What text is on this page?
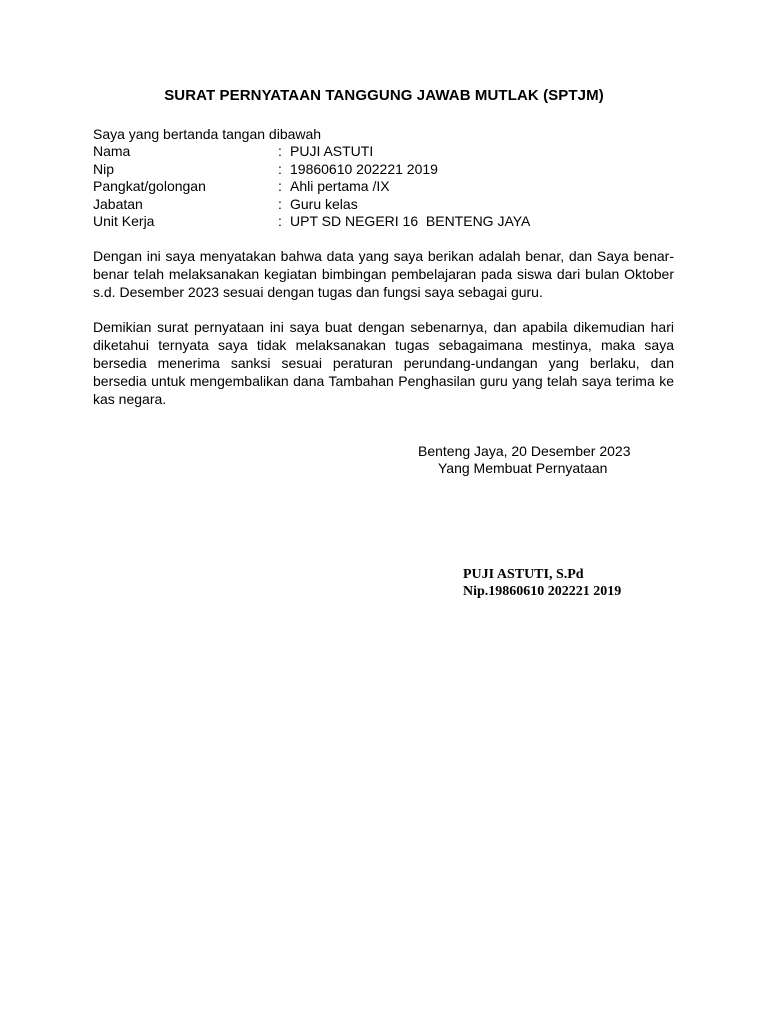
SURAT PERNYATAAN TANGGUNG JAWAB MUTLAK (SPTJM)
Saya yang bertanda tangan dibawah
Nama	: PUJI ASTUTI
Nip	: 19860610 202221 2019
Pangkat/golongan	: Ahli pertama /IX
Jabatan	: Guru kelas
Unit Kerja	: UPT SD NEGERI 16  BENTENG JAYA

Dengan ini saya menyatakan bahwa data yang saya berikan adalah benar, dan Saya benar-benar telah melaksanakan kegiatan bimbingan pembelajaran pada siswa dari bulan Oktober s.d. Desember 2023 sesuai dengan tugas dan fungsi saya sebagai guru.

Demikian surat pernyataan ini saya buat dengan sebenarnya, dan apabila dikemudian hari diketahui ternyata saya tidak melaksanakan tugas sebagaimana mestinya, maka saya bersedia menerima sanksi sesuai peraturan perundang-undangan yang berlaku, dan bersedia untuk mengembalikan dana Tambahan Penghasilan guru yang telah saya terima ke kas negara.

Benteng Jaya, 20 Desember 2023
Yang Membuat Pernyataan
PUJI ASTUTI, S.Pd
Nip.19860610 202221 2019
